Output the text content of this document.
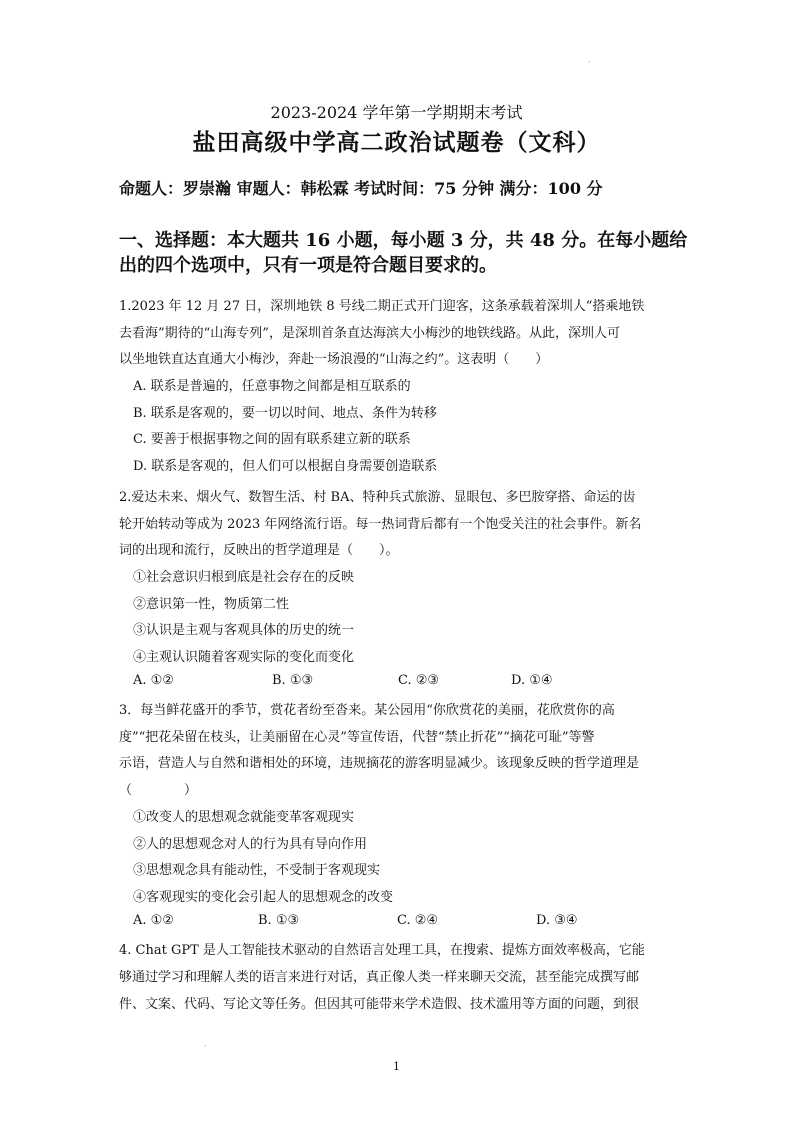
2023-2024 学年第一学期期末考试
盐田高级中学高二政治试题卷（文科）
命题人：罗崇瀚 审题人：韩松霖 考试时间：75 分钟 满分：100 分
一、选择题：本大题共 16 小题，每小题 3 分，共 48 分。在每小题给
出的四个选项中，只有一项是符合题目要求的。
1.2023 年 12 月 27 日，深圳地铁 8 号线二期正式开门迎客，这条承载着深圳人“搭乘地铁
去看海”期待的“山海专列”，是深圳首条直达海滨大小梅沙的地铁线路。从此，深圳人可
以坐地铁直达直通大小梅沙，奔赴一场浪漫的“山海之约”。这表明（　　）
A. 联系是普遍的，任意事物之间都是相互联系的
B. 联系是客观的，要一切以时间、地点、条件为转移
C. 要善于根据事物之间的固有联系建立新的联系
D. 联系是客观的，但人们可以根据自身需要创造联系
2.爱达未来、烟火气、数智生活、村 BA、特种兵式旅游、显眼包、多巴胺穿搭、命运的齿
轮开始转动等成为 2023 年网络流行语。每一热词背后都有一个饱受关注的社会事件。新名
词的出现和流行，反映出的哲学道理是（　　）。
①社会意识归根到底是社会存在的反映
②意识第一性，物质第二性
③认识是主观与客观具体的历史的统一
④主观认识随着客观实际的变化而变化
A. ①②	B. ①③	C. ②③	D. ①④
3．每当鲜花盛开的季节，赏花者纷至沓来。某公园用“你欣赏花的美丽，花欣赏你的高
度”“把花朵留在枝头，让美丽留在心灵”等宣传语，代替“禁止折花”“摘花可耻”等警
示语，营造人与自然和谐相处的环境，违规摘花的游客明显减少。该现象反映的哲学道理是
（　　　　）
①改变人的思想观念就能变革客观现实
②人的思想观念对人的行为具有导向作用
③思想观念具有能动性，不受制于客观现实
④客观现实的变化会引起人的思想观念的改变
A. ①②	B. ①③	C. ②④	D. ③④
4. Chat GPT 是人工智能技术驱动的自然语言处理工具，在搜索、提炼方面效率极高，它能
够通过学习和理解人类的语言来进行对话，真正像人类一样来聊天交流，甚至能完成撰写邮
件、文案、代码、写论文等任务。但因其可能带来学术造假、技术滥用等方面的问题，到很
1
·
·
